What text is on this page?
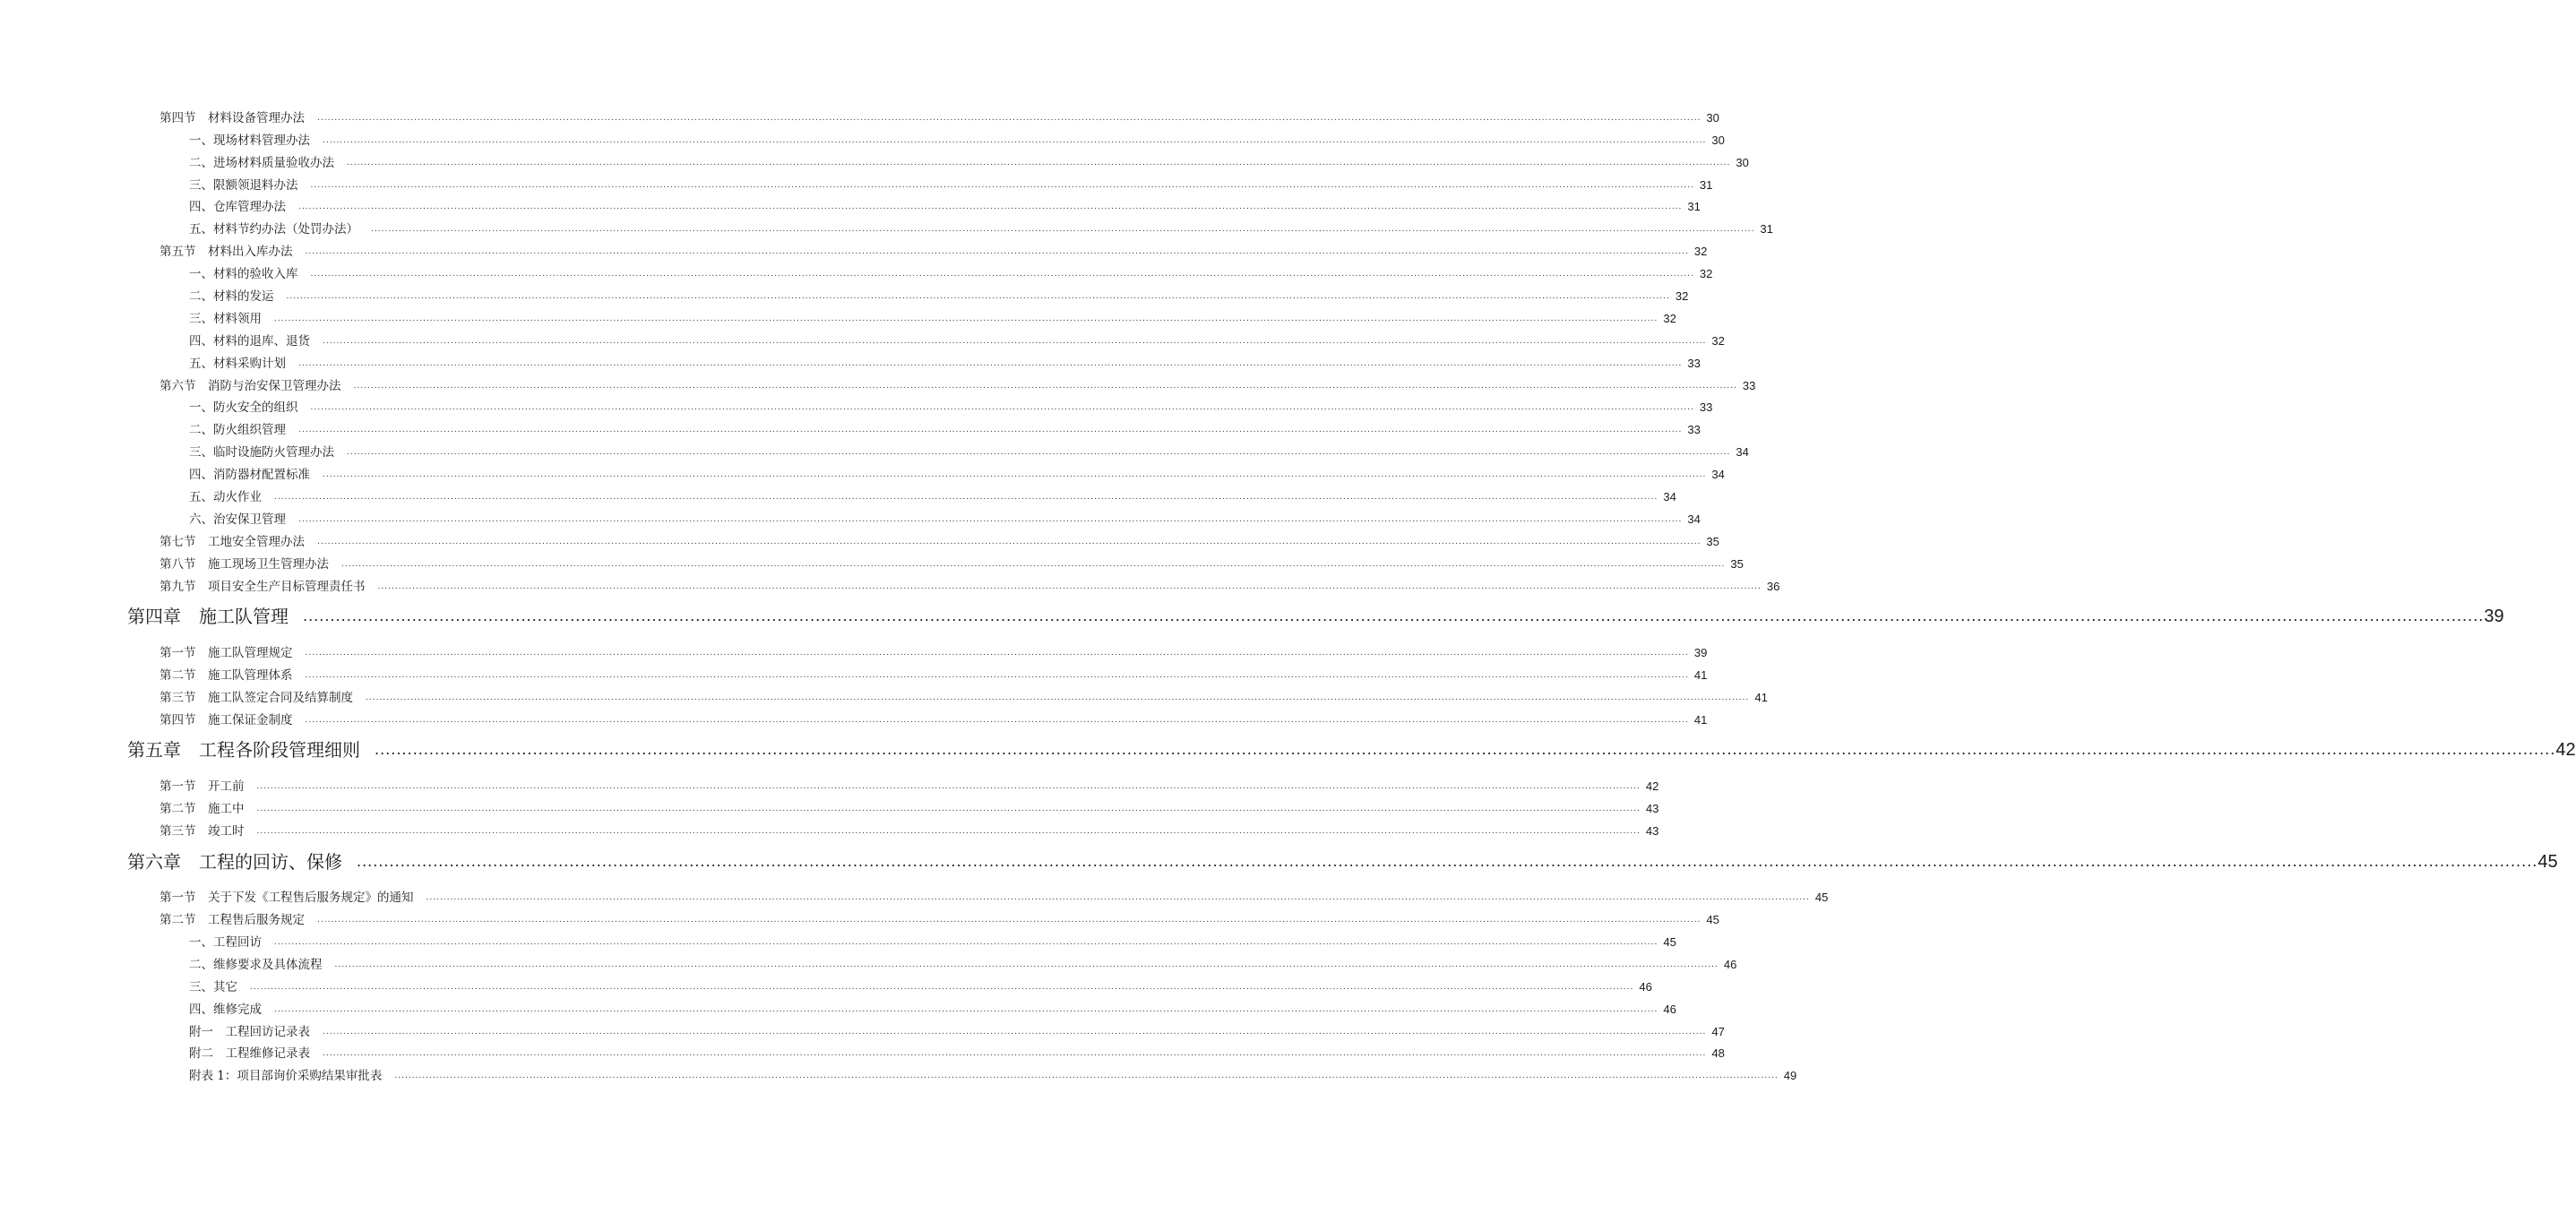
第四节　材料设备管理办法 ................................................................................................................................................................................................................................................................................................................................................................................................................ 30
一、现场材料管理办法 ................................................................................................................................................................................................................................................................................................................................................................................................................ 30
二、进场材料质量验收办法 ................................................................................................................................................................................................................................................................................................................................................................................................................ 30
三、限额领退料办法 ................................................................................................................................................................................................................................................................................................................................................................................................................ 31
四、仓库管理办法 ................................................................................................................................................................................................................................................................................................................................................................................................................ 31
五、材料节约办法（处罚办法） ................................................................................................................................................................................................................................................................................................................................................................................................................ 31
第五节　材料出入库办法 ................................................................................................................................................................................................................................................................................................................................................................................................................ 32
一、材料的验收入库 ................................................................................................................................................................................................................................................................................................................................................................................................................ 32
二、材料的发运 ................................................................................................................................................................................................................................................................................................................................................................................................................ 32
三、材料领用 ................................................................................................................................................................................................................................................................................................................................................................................................................ 32
四、材料的退库、退货 ................................................................................................................................................................................................................................................................................................................................................................................................................ 32
五、材料采购计划 ................................................................................................................................................................................................................................................................................................................................................................................................................ 33
第六节　消防与治安保卫管理办法 ................................................................................................................................................................................................................................................................................................................................................................................................................ 33
一、防火安全的组织 ................................................................................................................................................................................................................................................................................................................................................................................................................ 33
二、防火组织管理 ................................................................................................................................................................................................................................................................................................................................................................................................................ 33
三、临时设施防火管理办法 ................................................................................................................................................................................................................................................................................................................................................................................................................ 34
四、消防器材配置标准 ................................................................................................................................................................................................................................................................................................................................................................................................................ 34
五、动火作业 ................................................................................................................................................................................................................................................................................................................................................................................................................ 34
六、治安保卫管理 ................................................................................................................................................................................................................................................................................................................................................................................................................ 34
第七节　工地安全管理办法 ................................................................................................................................................................................................................................................................................................................................................................................................................ 35
第八节　施工现场卫生管理办法 ................................................................................................................................................................................................................................................................................................................................................................................................................ 35
第九节　项目安全生产目标管理责任书 ................................................................................................................................................................................................................................................................................................................................................................................................................ 36
第四章　施工队管理 ................................................................................................................................................................................................................................................................................................................................................................................................................ 39
第一节　施工队管理规定 ................................................................................................................................................................................................................................................................................................................................................................................................................ 39
第二节　施工队管理体系 ................................................................................................................................................................................................................................................................................................................................................................................................................ 41
第三节　施工队签定合同及结算制度 ................................................................................................................................................................................................................................................................................................................................................................................................................ 41
第四节　施工保证金制度 ................................................................................................................................................................................................................................................................................................................................................................................................................ 41
第五章　工程各阶段管理细则 ................................................................................................................................................................................................................................................................................................................................................................................................................ 42
第一节　开工前 ................................................................................................................................................................................................................................................................................................................................................................................................................ 42
第二节　施工中 ................................................................................................................................................................................................................................................................................................................................................................................................................ 43
第三节　竣工时 ................................................................................................................................................................................................................................................................................................................................................................................................................ 43
第六章　工程的回访、保修 ................................................................................................................................................................................................................................................................................................................................................................................................................ 45
第一节　关于下发《工程售后服务规定》的通知 ................................................................................................................................................................................................................................................................................................................................................................................................................ 45
第二节　工程售后服务规定 ................................................................................................................................................................................................................................................................................................................................................................................................................ 45
一、工程回访 ................................................................................................................................................................................................................................................................................................................................................................................................................ 45
二、维修要求及具体流程 ................................................................................................................................................................................................................................................................................................................................................................................................................ 46
三、其它 ................................................................................................................................................................................................................................................................................................................................................................................................................ 46
四、维修完成 ................................................................................................................................................................................................................................................................................................................................................................................................................ 46
附一　工程回访记录表 ................................................................................................................................................................................................................................................................................................................................................................................................................ 47
附二　工程维修记录表 ................................................................................................................................................................................................................................................................................................................................................................................................................ 48
附表 1：项目部询价采购结果审批表 ................................................................................................................................................................................................................................................................................................................................................................................................................ 49
